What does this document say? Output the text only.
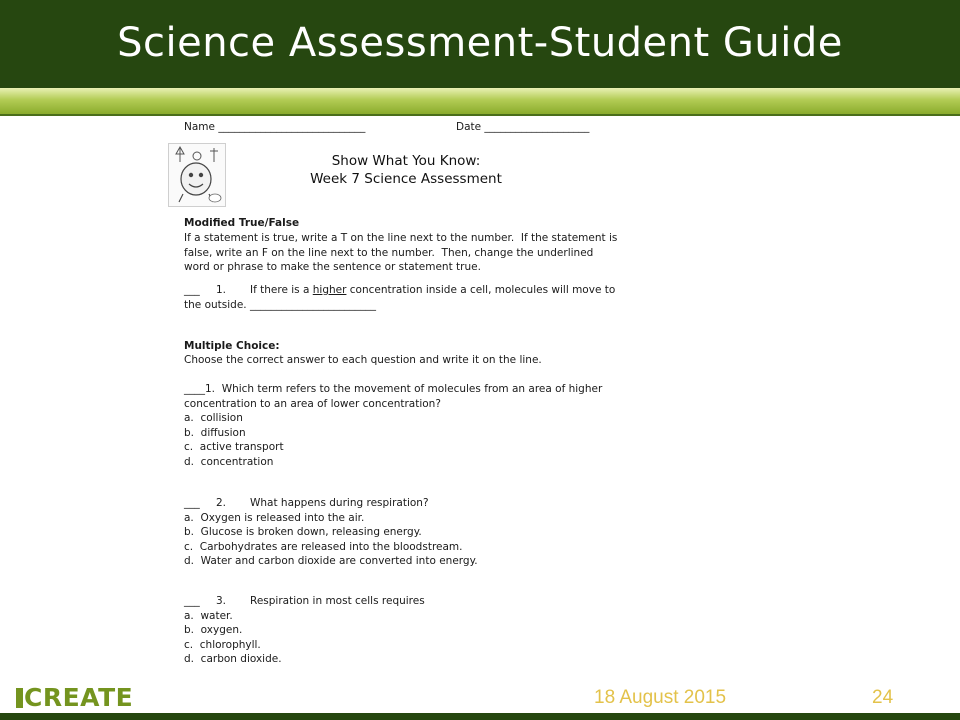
Science Assessment-Student Guide
Name ____________________________	Date ____________________
Show What You Know:
Week 7 Science Assessment
Modified True/False
If a statement is true, write a T on the line next to the number.  If the statement is
false, write an F on the line next to the number.  Then, change the underlined
word or phrase to make the sentence or statement true.
___ 1. If there is a higher concentration inside a cell, molecules will move to
the outside. ________________________
Multiple Choice:
Choose the correct answer to each question and write it on the line.
____1.  Which term refers to the movement of molecules from an area of higher
concentration to an area of lower concentration?
a.  collision
b.  diffusion
c.  active transport
d.  concentration
___ 2. What happens during respiration?
a.  Oxygen is released into the air.
b.  Glucose is broken down, releasing energy.
c.  Carbohydrates are released into the bloodstream.
d.  Water and carbon dioxide are converted into energy.
___ 3. Respiration in most cells requires
a.  water.
b.  oxygen.
c.  chlorophyll.
d.  carbon dioxide.
CREATE	18 August 2015	24
